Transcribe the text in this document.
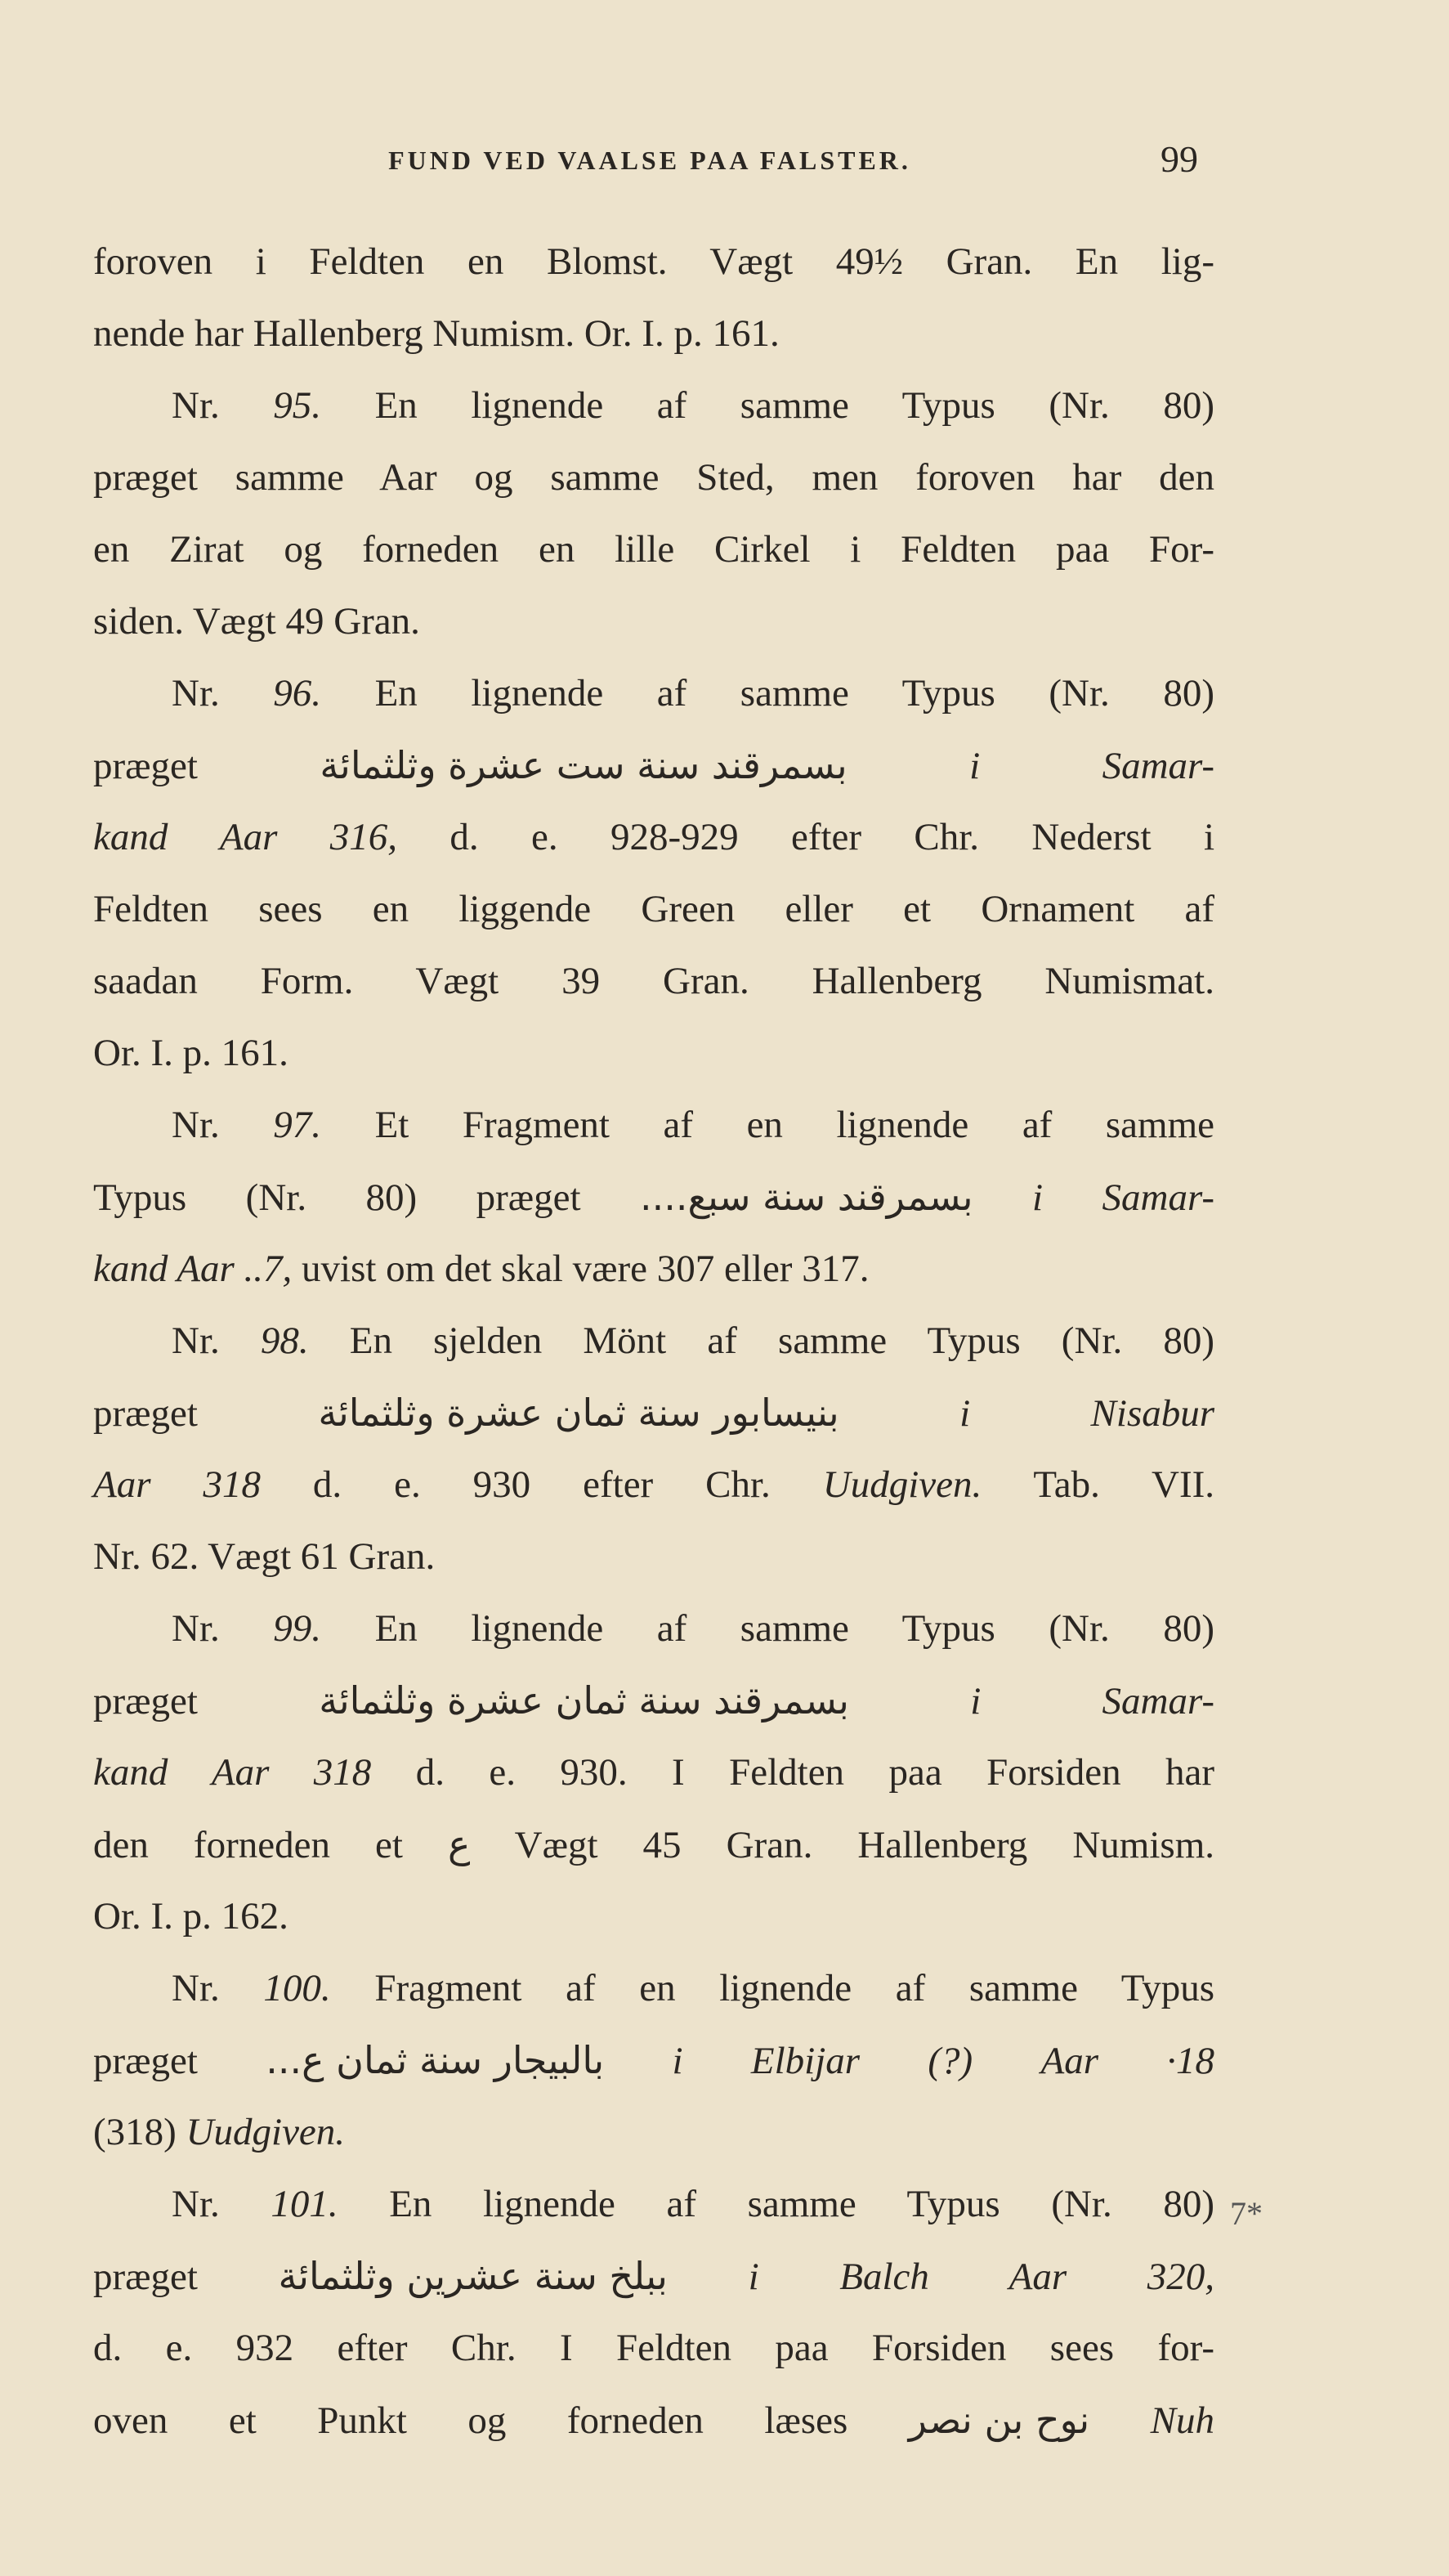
FUND VED VAALSE PAA FALSTER.	99
foroven i Feldten en Blomst. Vægt 49½ Gran. En lig-
nende har Hallenberg Numism. Or. I. p. 161.
Nr. 95. En lignende af samme Typus (Nr. 80)
præget samme Aar og samme Sted, men foroven har den
en Zirat og forneden en lille Cirkel i Feldten paa For-
siden. Vægt 49 Gran.
Nr. 96. En lignende af samme Typus (Nr. 80)
præget	بسمرقند سنة ست عشرة وثلثمائة	i Samar-
kand Aar 316, d. e. 928-929 efter Chr. Nederst i
Feldten sees en liggende Green eller et Ornament af
saadan Form. Vægt 39 Gran. Hallenberg Numismat.
Or. I. p. 161.
Nr. 97. Et Fragment af en lignende af samme
Typus (Nr. 80) præget بسمرقند سنة سبع.... i Samar-
kand Aar ..7, uvist om det skal være 307 eller 317.
Nr. 98. En sjelden Mönt af samme Typus (Nr. 80)
præget	بنيسابور سنة ثمان عشرة وثلثمائة	i Nisabur
Aar 318 d. e. 930 efter Chr. Uudgiven. Tab. VII.
Nr. 62. Vægt 61 Gran.
Nr. 99. En lignende af samme Typus (Nr. 80)
præget	بسمرقند سنة ثمان عشرة وثلثمائة	i Samar-
kand Aar 318 d. e. 930. I Feldten paa Forsiden har
den forneden et ع Vægt 45 Gran. Hallenberg Numism.
Or. I. p. 162.
Nr. 100. Fragment af en lignende af samme Typus
præget بالبيجار سنة ثمان ع... i Elbijar (?) Aar ·18
(318) Uudgiven.
Nr. 101. En lignende af samme Typus (Nr. 80)
præget ببلخ سنة عشرين وثلثمائة i Balch Aar 320,
d. e. 932 efter Chr. I Feldten paa Forsiden sees for-
oven et Punkt og forneden læses نوح بن نصر Nuh
7*
